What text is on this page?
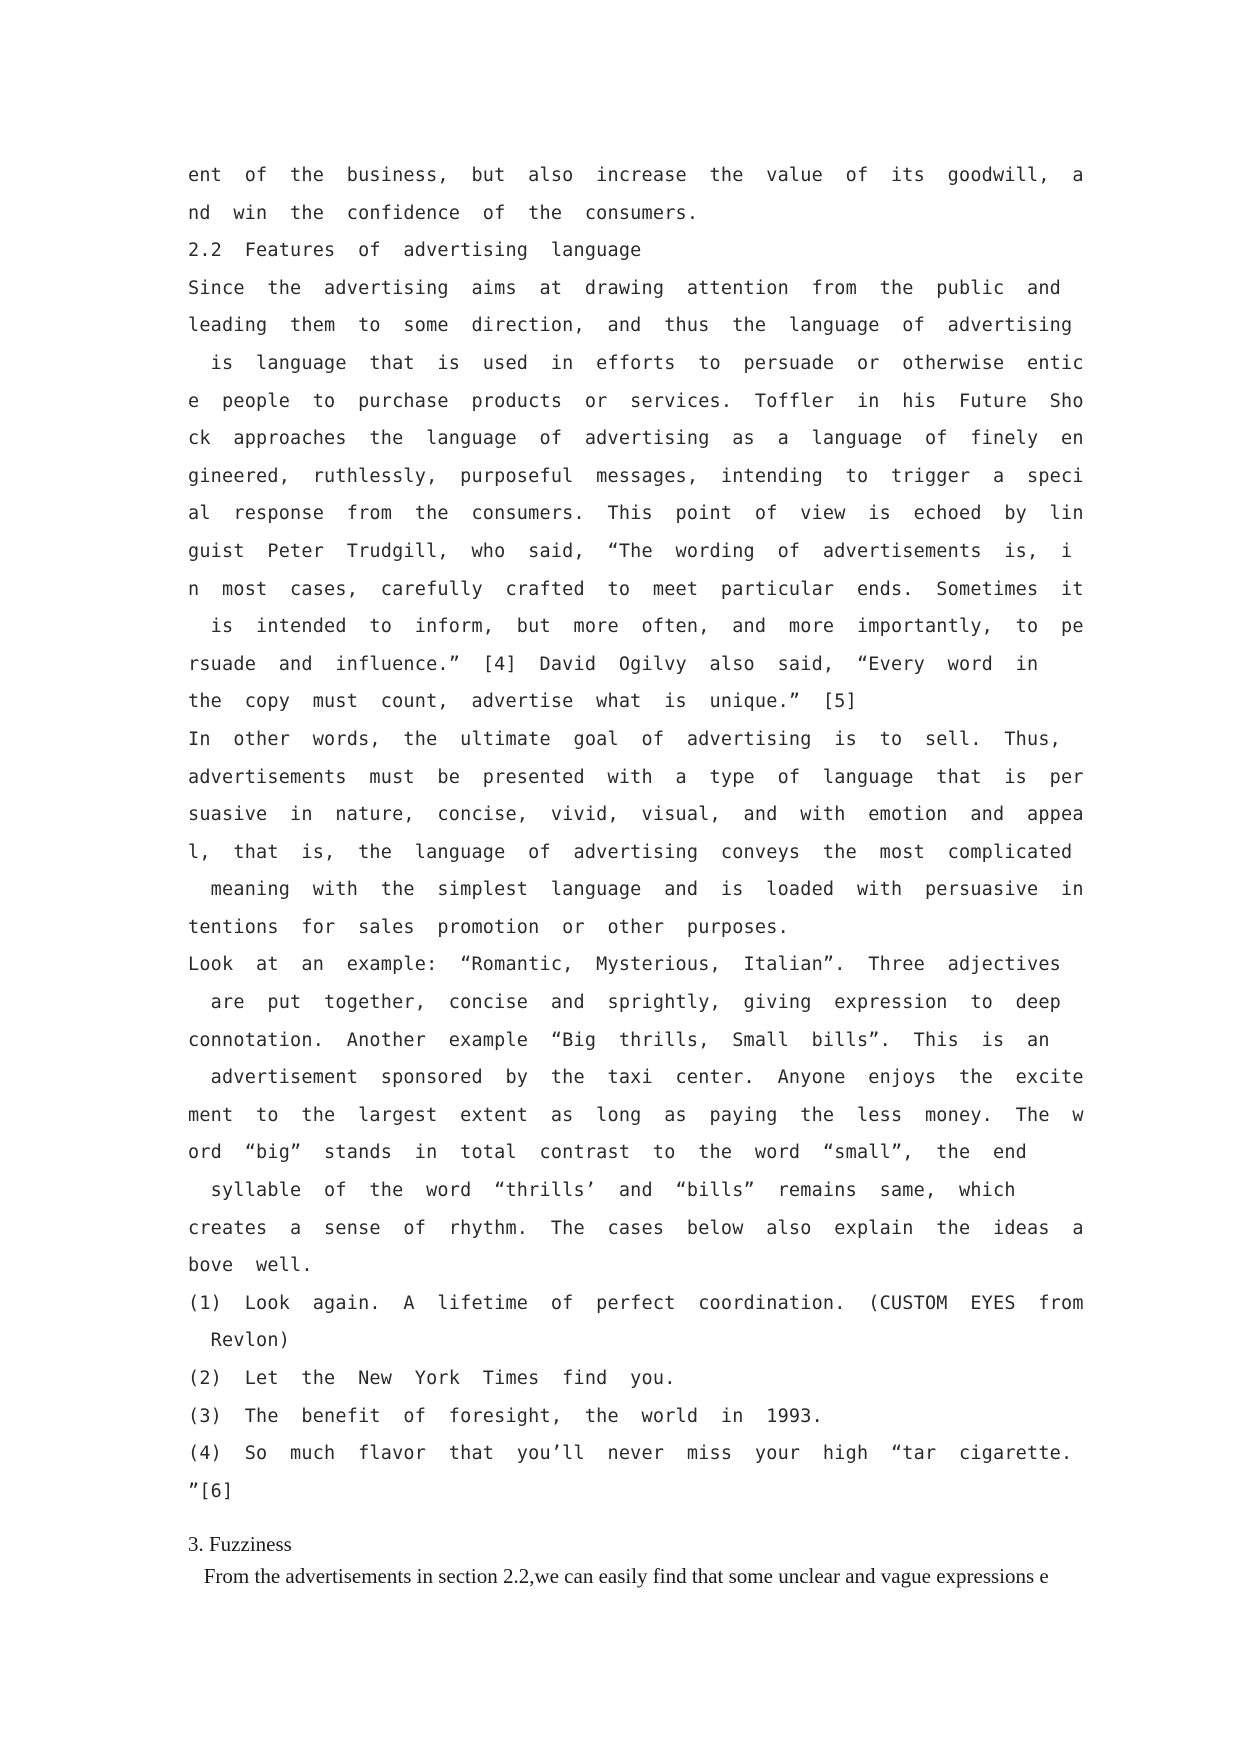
ent  of  the  business,  but  also  increase  the  value  of  its  goodwill,  a
nd  win  the  confidence  of  the  consumers.
2.2  Features  of  advertising  language
Since  the  advertising  aims  at  drawing  attention  from  the  public  and
leading  them  to  some  direction,  and  thus  the  language  of  advertising
is  language  that  is  used  in  efforts  to  persuade  or  otherwise  entic
e  people  to  purchase  products  or  services.  Toffler  in  his  Future  Sho
ck  approaches  the  language  of  advertising  as  a  language  of  finely  en
gineered,  ruthlessly,  purposeful  messages,  intending  to  trigger  a  speci
al  response  from  the  consumers.  This  point  of  view  is  echoed  by  lin
guist  Peter  Trudgill,  who  said,  “The  wording  of  advertisements  is,  i
n  most  cases,  carefully  crafted  to  meet  particular  ends.  Sometimes  it
is  intended  to  inform,  but  more  often,  and  more  importantly,  to  pe
rsuade  and  influence.”  [4]  David  Ogilvy  also  said,  “Every  word  in
the  copy  must  count,  advertise  what  is  unique.”  [5]
In  other  words,  the  ultimate  goal  of  advertising  is  to  sell.  Thus,
advertisements  must  be  presented  with  a  type  of  language  that  is  per
suasive  in  nature,  concise,  vivid,  visual,  and  with  emotion  and  appea
l,  that  is,  the  language  of  advertising  conveys  the  most  complicated
meaning  with  the  simplest  language  and  is  loaded  with  persuasive  in
tentions  for  sales  promotion  or  other  purposes.
Look  at  an  example:  “Romantic,  Mysterious,  Italian”.  Three  adjectives
are  put  together,  concise  and  sprightly,  giving  expression  to  deep
connotation.  Another  example  “Big  thrills,  Small  bills”.  This  is  an
advertisement  sponsored  by  the  taxi  center.  Anyone  enjoys  the  excite
ment  to  the  largest  extent  as  long  as  paying  the  less  money.  The  w
ord  “big”  stands  in  total  contrast  to  the  word  “small”,  the  end
syllable  of  the  word  “thrills’  and  “bills”  remains  same,  which
creates  a  sense  of  rhythm.  The  cases  below  also  explain  the  ideas  a
bove  well.
(1)  Look  again.  A  lifetime  of  perfect  coordination.  (CUSTOM  EYES  from
Revlon)
(2)  Let  the  New  York  Times  find  you.
(3)  The  benefit  of  foresight,  the  world  in  1993.
(4)  So  much  flavor  that  you’ll  never  miss  your  high  “tar  cigarette.
”[6]
3. Fuzziness
From the advertisements in section 2.2,we can easily find that some unclear and vague expressions e
